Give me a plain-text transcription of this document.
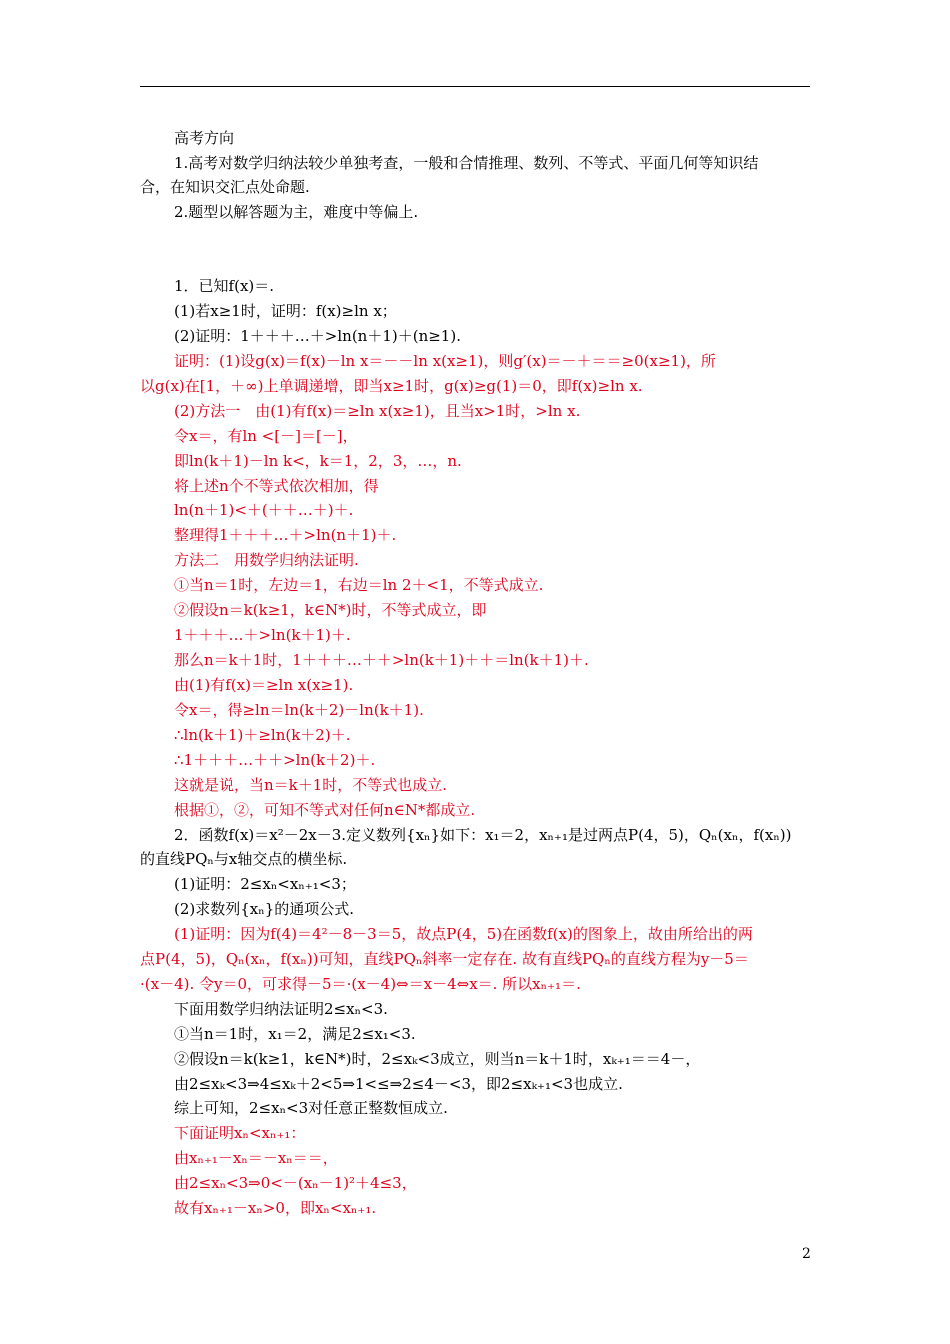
高考方向
1.高考对数学归纳法较少单独考查，一般和合情推理、数列、不等式、平面几何等知识结
合，在知识交汇点处命题.
2.题型以解答题为主，难度中等偏上.
1．已知f(x)＝.
(1)若x≥1时，证明：f(x)≥ln x；
(2)证明：1＋＋＋…＋>ln(n＋1)＋(n≥1).
证明：(1)设g(x)＝f(x)－ln x＝－－ln x(x≥1)，则g′(x)＝－＋＝＝≥0(x≥1)，所
以g(x)在[1，＋∞)上单调递增，即当x≥1时，g(x)≥g(1)＝0，即f(x)≥ln x.
(2)方法一　由(1)有f(x)＝≥ln x(x≥1)，且当x>1时，>ln x.
令x＝，有ln <[－]＝[－]，
即ln(k＋1)－ln k<，k＝1，2，3，…，n.
将上述n个不等式依次相加，得
ln(n＋1)<＋(＋＋…＋)＋.
整理得1＋＋＋…＋>ln(n＋1)＋.
方法二　用数学归纳法证明.
①当n＝1时，左边＝1，右边＝ln 2＋<1，不等式成立.
②假设n＝k(k≥1，k∈N*)时，不等式成立，即
1＋＋＋…＋>ln(k＋1)＋.
那么n＝k＋1时，1＋＋＋…＋＋>ln(k＋1)＋＋＝ln(k＋1)＋.
由(1)有f(x)＝≥ln x(x≥1).
令x＝，得≥ln＝ln(k＋2)－ln(k＋1).
∴ln(k＋1)＋≥ln(k＋2)＋.
∴1＋＋＋…＋＋>ln(k＋2)＋.
这就是说，当n＝k＋1时，不等式也成立.
根据①，②，可知不等式对任何n∈N*都成立.
2．函数f(x)＝x²－2x－3.定义数列{xₙ}如下：x₁＝2，xₙ₊₁是过两点P(4，5)，Qₙ(xₙ，f(xₙ))
的直线PQₙ与x轴交点的横坐标.
(1)证明：2≤xₙ<xₙ₊₁<3；
(2)求数列{xₙ}的通项公式.
(1)证明：因为f(4)＝4²－8－3＝5，故点P(4，5)在函数f(x)的图象上，故由所给出的两
点P(4，5)，Qₙ(xₙ，f(xₙ))可知，直线PQₙ斜率一定存在. 故有直线PQₙ的直线方程为y－5＝
·(x－4). 令y＝0，可求得－5＝·(x－4)⇔＝x－4⇔x＝. 所以xₙ₊₁＝.
下面用数学归纳法证明2≤xₙ<3.
①当n＝1时，x₁＝2，满足2≤x₁<3.
②假设n＝k(k≥1，k∈N*)时，2≤xₖ<3成立，则当n＝k＋1时，xₖ₊₁＝＝4－，
由2≤xₖ<3⇒4≤xₖ＋2<5⇒1<≤⇒2≤4－<3，即2≤xₖ₊₁<3也成立.
综上可知，2≤xₙ<3对任意正整数恒成立.
下面证明xₙ<xₙ₊₁：
由xₙ₊₁－xₙ＝－xₙ＝＝，
由2≤xₙ<3⇒0<－(xₙ－1)²＋4≤3，
故有xₙ₊₁－xₙ>0，即xₙ<xₙ₊₁.
2
